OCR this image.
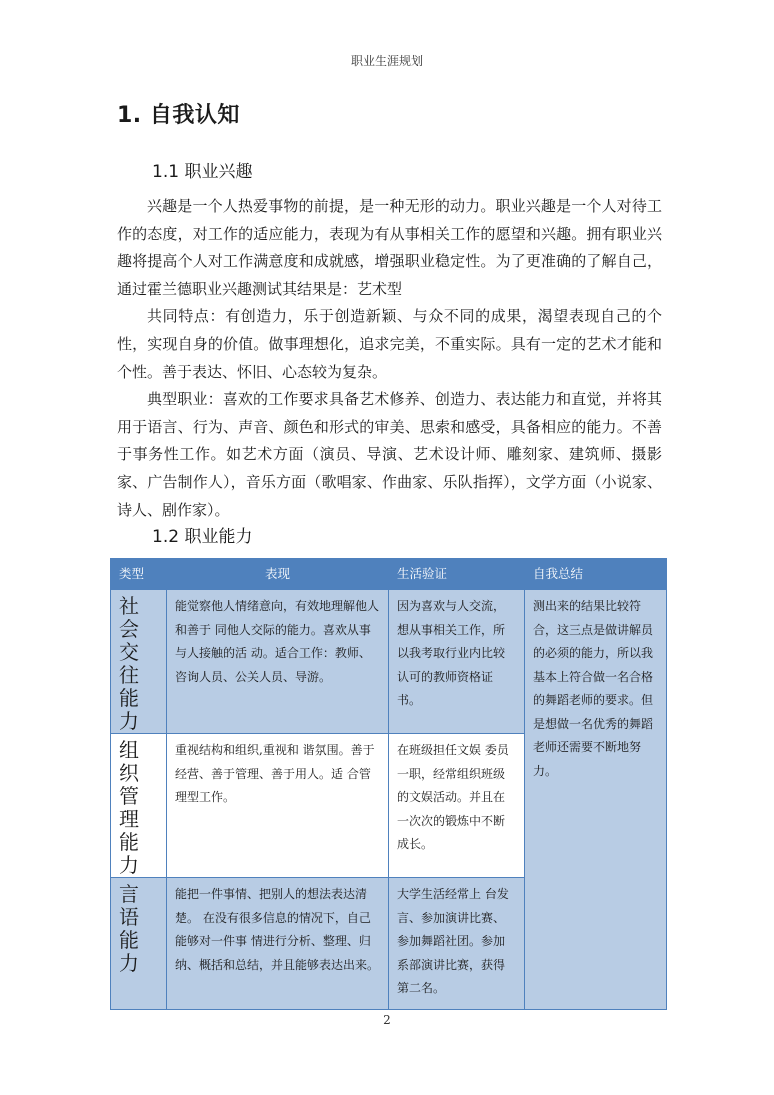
职业生涯规划
1. 自我认知
1.1 职业兴趣

兴趣是一个人热爱事物的前提，是一种无形的动力。职业兴趣是一个人对待工作的态度，对工作的适应能力，表现为有从事相关工作的愿望和兴趣。拥有职业兴趣将提高个人对工作满意度和成就感，增强职业稳定性。为了更准确的了解自己，通过霍兰德职业兴趣测试其结果是：艺术型

共同特点：有创造力，乐于创造新颖、与众不同的成果，渴望表现自己的个性，实现自身的价值。做事理想化，追求完美，不重实际。具有一定的艺术才能和个性。善于表达、怀旧、心态较为复杂。

典型职业：喜欢的工作要求具备艺术修养、创造力、表达能力和直觉，并将其用于语言、行为、声音、颜色和形式的审美、思索和感受，具备相应的能力。不善于事务性工作。如艺术方面（演员、导演、艺术设计师、雕刻家、建筑师、摄影家、广告制作人），音乐方面（歌唱家、作曲家、乐队指挥），文学方面（小说家、诗人、剧作家）。

1.2 职业能力
类型	表现	生活验证	自我总结
社会交往能力	能觉察他人情绪意向，有效地理解他人和善于 同他人交际的能力。喜欢从事与人接触的活 动。适合工作：教师、 咨询人员、公关人员、导游。	因为喜欢与人交流，想从事相关工作，所以我考取行业内比较认可的教师资格证书。	测出来的结果比较符合，这三点是做讲解员的必须的能力，所以我基本上符合做一名合格的舞蹈老师的要求。但是想做一名优秀的舞蹈老师还需要不断地努力。
组织管理能力	重视结构和组织,重视和 谐氛围。善于经营、善于管理、善于用人。适 合管理型工作。	在班级担任文娱 委员一职，经常组织班级的文娱活动。并且在一次次的锻炼中不断成长。	
言语能力	能把一件事情、把别人的想法表达清楚。 在没有很多信息的情况下，自己能够对一件事 情进行分析、整理、归 纳、概括和总结，并且能够表达出来。	大学生活经常上 台发言、参加演讲比赛、参加舞蹈社团。参加系部演讲比赛，获得第二名。	
2
